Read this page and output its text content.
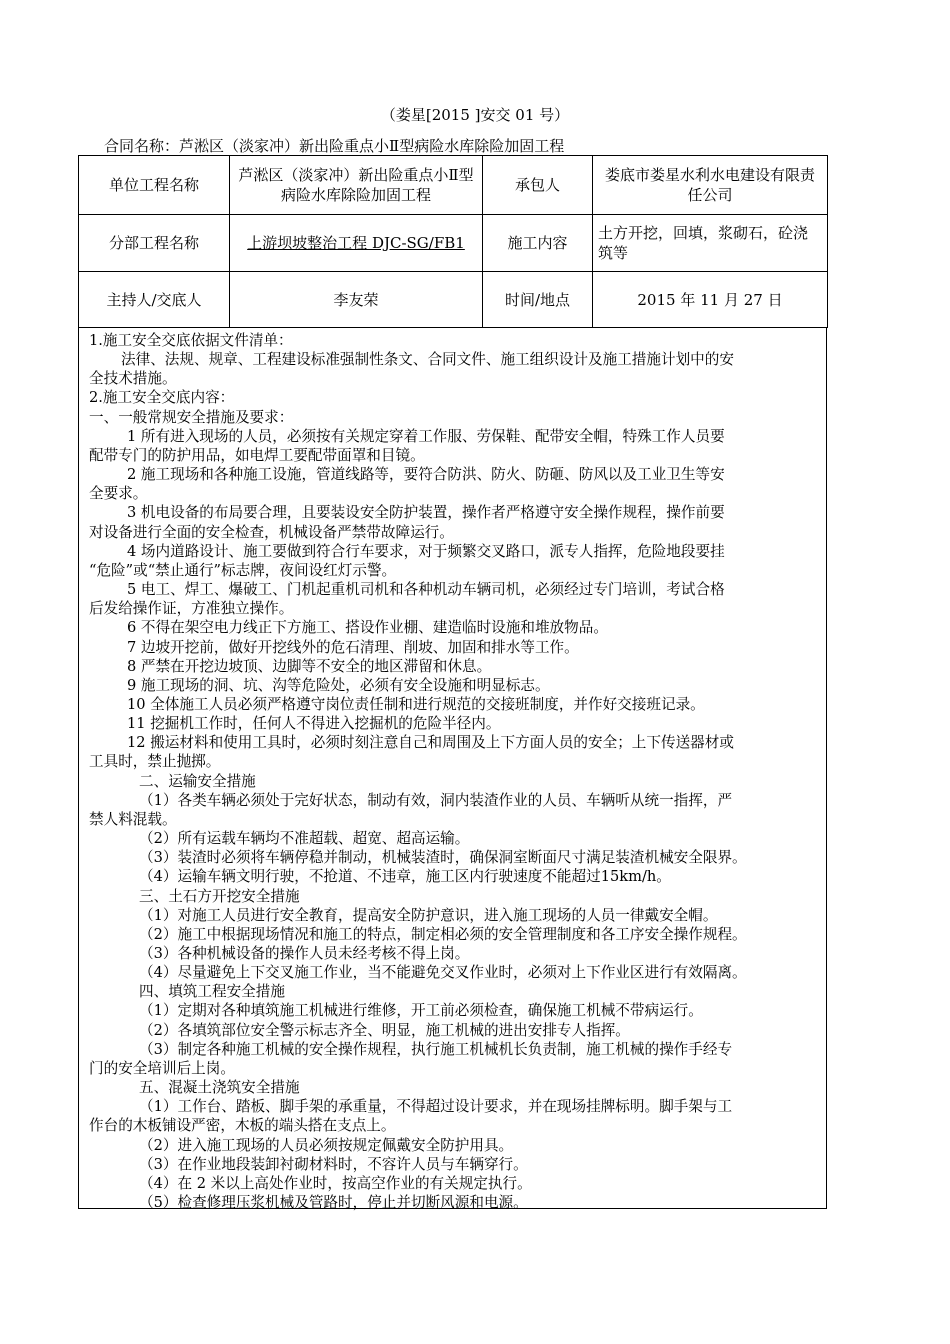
（娄星[2015 ]安交 01 号）
合同名称：芦淞区（淡家冲）新出险重点小Ⅱ型病险水库除险加固工程
单位工程名称	芦淞区（淡家冲）新出险重点小Ⅱ型病险水库除险加固工程	承包人	娄底市娄星水利水电建设有限责任公司
分部工程名称	上游坝坡整治工程 DJC-SG/FB1	施工内容	土方开挖，回填，浆砌石，砼浇筑等
主持人/交底人	李友荣	时间/地点	2015 年 11 月 27 日
1.施工安全交底依据文件清单：
法律、法规、规章、工程建设标准强制性条文、合同文件、施工组织设计及施工措施计划中的安
全技术措施。
2.施工安全交底内容：
一、一般常规安全措施及要求：
1 所有进入现场的人员，必须按有关规定穿着工作服、劳保鞋、配带安全帽，特殊工作人员要
配带专门的防护用品，如电焊工要配带面罩和目镜。
2 施工现场和各种施工设施，管道线路等，要符合防洪、防火、防砸、防风以及工业卫生等安
全要求。
3 机电设备的布局要合理，且要装设安全防护装置，操作者严格遵守安全操作规程，操作前要
对设备进行全面的安全检查，机械设备严禁带故障运行。
4 场内道路设计、施工要做到符合行车要求，对于频繁交叉路口，派专人指挥，危险地段要挂
“危险”或“禁止通行”标志牌，夜间设红灯示警。
5 电工、焊工、爆破工、门机起重机司机和各种机动车辆司机，必须经过专门培训，考试合格
后发给操作证，方准独立操作。
6 不得在架空电力线正下方施工、搭设作业棚、建造临时设施和堆放物品。
7 边坡开挖前，做好开挖线外的危石清理、削坡、加固和排水等工作。
8 严禁在开挖边坡顶、边脚等不安全的地区滞留和休息。
9 施工现场的洞、坑、沟等危险处，必须有安全设施和明显标志。
10 全体施工人员必须严格遵守岗位责任制和进行规范的交接班制度，并作好交接班记录。
11 挖掘机工作时，任何人不得进入挖掘机的危险半径内。
12 搬运材料和使用工具时，必须时刻注意自己和周围及上下方面人员的安全；上下传送器材或
工具时，禁止抛掷。
二、运输安全措施
（1）各类车辆必须处于完好状态，制动有效，洞内装渣作业的人员、车辆听从统一指挥，严
禁人料混载。
（2）所有运载车辆均不准超载、超宽、超高运输。
（3）装渣时必须将车辆停稳并制动，机械装渣时，确保洞室断面尺寸满足装渣机械安全限界。
（4）运输车辆文明行驶，不抢道、不违章，施工区内行驶速度不能超过15km/h。
三、土石方开挖安全措施
（1）对施工人员进行安全教育，提高安全防护意识，进入施工现场的人员一律戴安全帽。
（2）施工中根据现场情况和施工的特点，制定相必须的安全管理制度和各工序安全操作规程。
（3）各种机械设备的操作人员未经考核不得上岗。
（4）尽量避免上下交叉施工作业，当不能避免交叉作业时，必须对上下作业区进行有效隔离。
四、填筑工程安全措施
（1）定期对各种填筑施工机械进行维修，开工前必须检查，确保施工机械不带病运行。
（2）各填筑部位安全警示标志齐全、明显，施工机械的进出安排专人指挥。
（3）制定各种施工机械的安全操作规程，执行施工机械机长负责制，施工机械的操作手经专
门的安全培训后上岗。
五、混凝土浇筑安全措施
（1）工作台、踏板、脚手架的承重量，不得超过设计要求，并在现场挂牌标明。脚手架与工
作台的木板铺设严密，木板的端头搭在支点上。
（2）进入施工现场的人员必须按规定佩戴安全防护用具。
（3）在作业地段装卸衬砌材料时，不容许人员与车辆穿行。
（4）在 2 米以上高处作业时，按高空作业的有关规定执行。
（5）检查修理压浆机械及管路时，停止并切断风源和电源。
